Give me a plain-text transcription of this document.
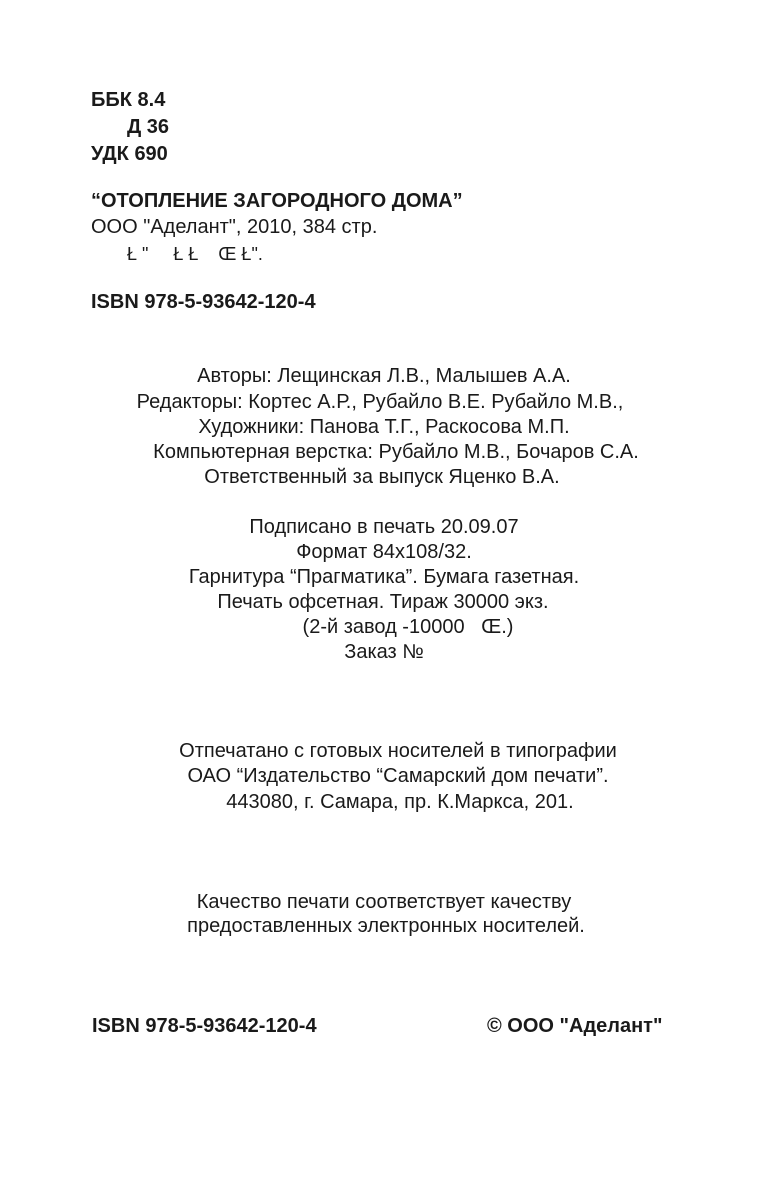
ББК 8.4
Д 36
УДК 690
“ОТОПЛЕНИЕ ЗАГОРОДНОГО ДОМА”
ООО "Аделант", 2010, 384 стр.
Ł "     Ł Ł    Œ Ł".
ISBN 978-5-93642-120-4
Авторы: Лещинская Л.В., Малышев А.А.
Редакторы: Кортес А.Р., Рубайло В.Е. Рубайло М.В.,
Художники: Панова Т.Г., Раскосова М.П.
Компьютерная верстка: Рубайло М.В., Бочаров С.А.
Ответственный за выпуск Яценко В.А.
Подписано в печать 20.09.07
Формат 84х108/32.
Гарнитура “Прагматика”. Бумага газетная.
Печать офсетная. Тираж 30000 экз.
(2-й завод -10000   Œ.)
Заказ №
Отпечатано с готовых носителей в типографии
ОАО “Издательство “Самарский дом печати”.
443080, г. Самара, пр. К.Маркса, 201.
Качество печати соответствует качеству
предоставленных электронных носителей.
ISBN 978-5-93642-120-4	© ООО "Аделант"
